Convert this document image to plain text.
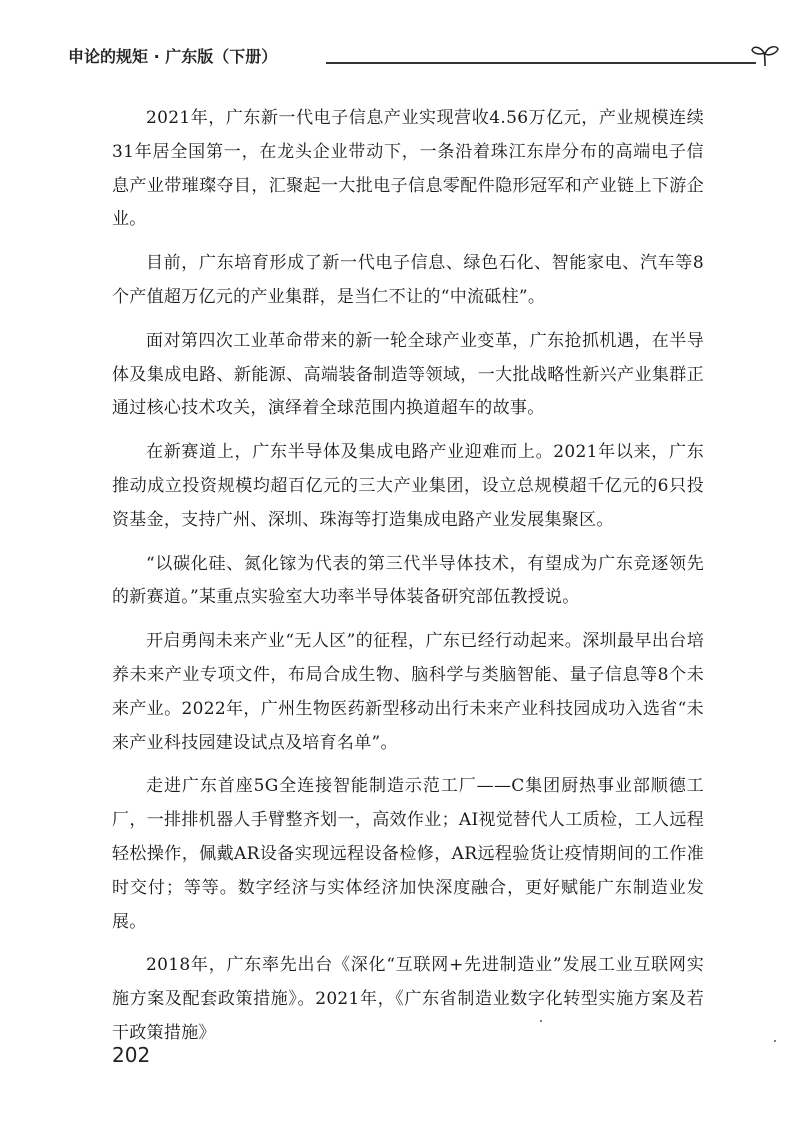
申论的规矩 · 广东版（下册）

2021年，广东新一代电子信息产业实现营收4.56万亿元，产业规模连续31年居全国第一，在龙头企业带动下，一条沿着珠江东岸分布的高端电子信息产业带璀璨夺目，汇聚起一大批电子信息零配件隐形冠军和产业链上下游企业。

目前，广东培育形成了新一代电子信息、绿色石化、智能家电、汽车等8个产值超万亿元的产业集群，是当仁不让的“中流砥柱”。

面对第四次工业革命带来的新一轮全球产业变革，广东抢抓机遇，在半导体及集成电路、新能源、高端装备制造等领域，一大批战略性新兴产业集群正通过核心技术攻关，演绎着全球范围内换道超车的故事。

在新赛道上，广东半导体及集成电路产业迎难而上。2021年以来，广东推动成立投资规模均超百亿元的三大产业集团，设立总规模超千亿元的6只投资基金，支持广州、深圳、珠海等打造集成电路产业发展集聚区。

“以碳化硅、氮化镓为代表的第三代半导体技术，有望成为广东竞逐领先的新赛道。”某重点实验室大功率半导体装备研究部伍教授说。

开启勇闯未来产业“无人区”的征程，广东已经行动起来。深圳最早出台培养未来产业专项文件，布局合成生物、脑科学与类脑智能、量子信息等8个未来产业。2022年，广州生物医药新型移动出行未来产业科技园成功入选省“未来产业科技园建设试点及培育名单”。

走进广东首座5G全连接智能制造示范工厂——C集团厨热事业部顺德工厂，一排排机器人手臂整齐划一，高效作业；AI视觉替代人工质检，工人远程轻松操作，佩戴AR设备实现远程设备检修，AR远程验货让疫情期间的工作准时交付；等等。数字经济与实体经济加快深度融合，更好赋能广东制造业发展。

2018年，广东率先出台《深化“互联网+先进制造业”发展工业互联网实施方案及配套政策措施》。2021年，《广东省制造业数字化转型实施方案及若干政策措施》

202
